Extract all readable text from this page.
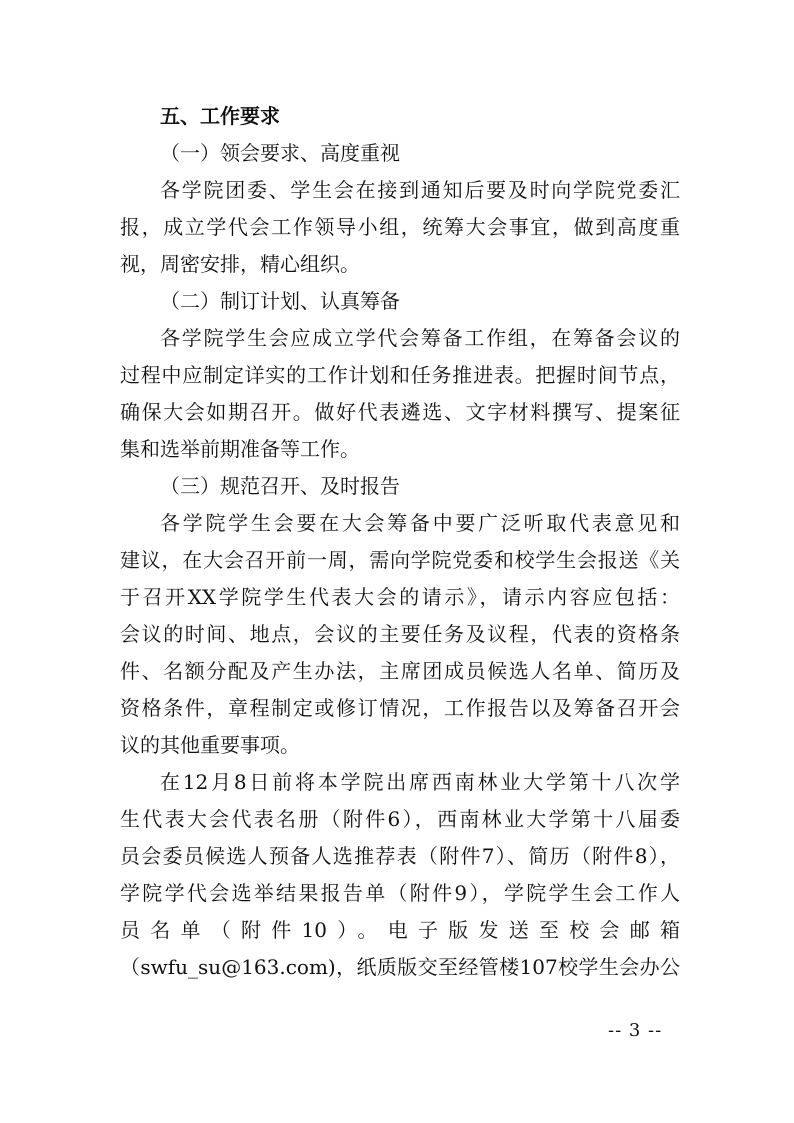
五、工作要求

（一）领会要求、高度重视

各学院团委、学生会在接到通知后要及时向学院党委汇
报，成立学代会工作领导小组，统筹大会事宜，做到高度重
视，周密安排，精心组织。

（二）制订计划、认真筹备

各学院学生会应成立学代会筹备工作组，在筹备会议的
过程中应制定详实的工作计划和任务推进表。把握时间节点，
确保大会如期召开。做好代表遴选、文字材料撰写、提案征
集和选举前期准备等工作。

（三）规范召开、及时报告

各学院学生会要在大会筹备中要广泛听取代表意见和
建议，在大会召开前一周，需向学院党委和校学生会报送《关
于召开XX学院学生代表大会的请示》，请示内容应包括：
会议的时间、地点，会议的主要任务及议程，代表的资格条
件、名额分配及产生办法，主席团成员候选人名单、简历及
资格条件，章程制定或修订情况，工作报告以及筹备召开会
议的其他重要事项。

在12月8日前将本学院出席西南林业大学第十八次学
生代表大会代表名册（附件6），西南林业大学第十八届委
员会委员候选人预备人选推荐表（附件7）、简历（附件8），
学院学代会选举结果报告单（附件9），学院学生会工作人
员名单（附件10）。电子版发送至校会邮箱
（swfu_su@163.com)，纸质版交至经管楼107校学生会办公

-- 3 --
